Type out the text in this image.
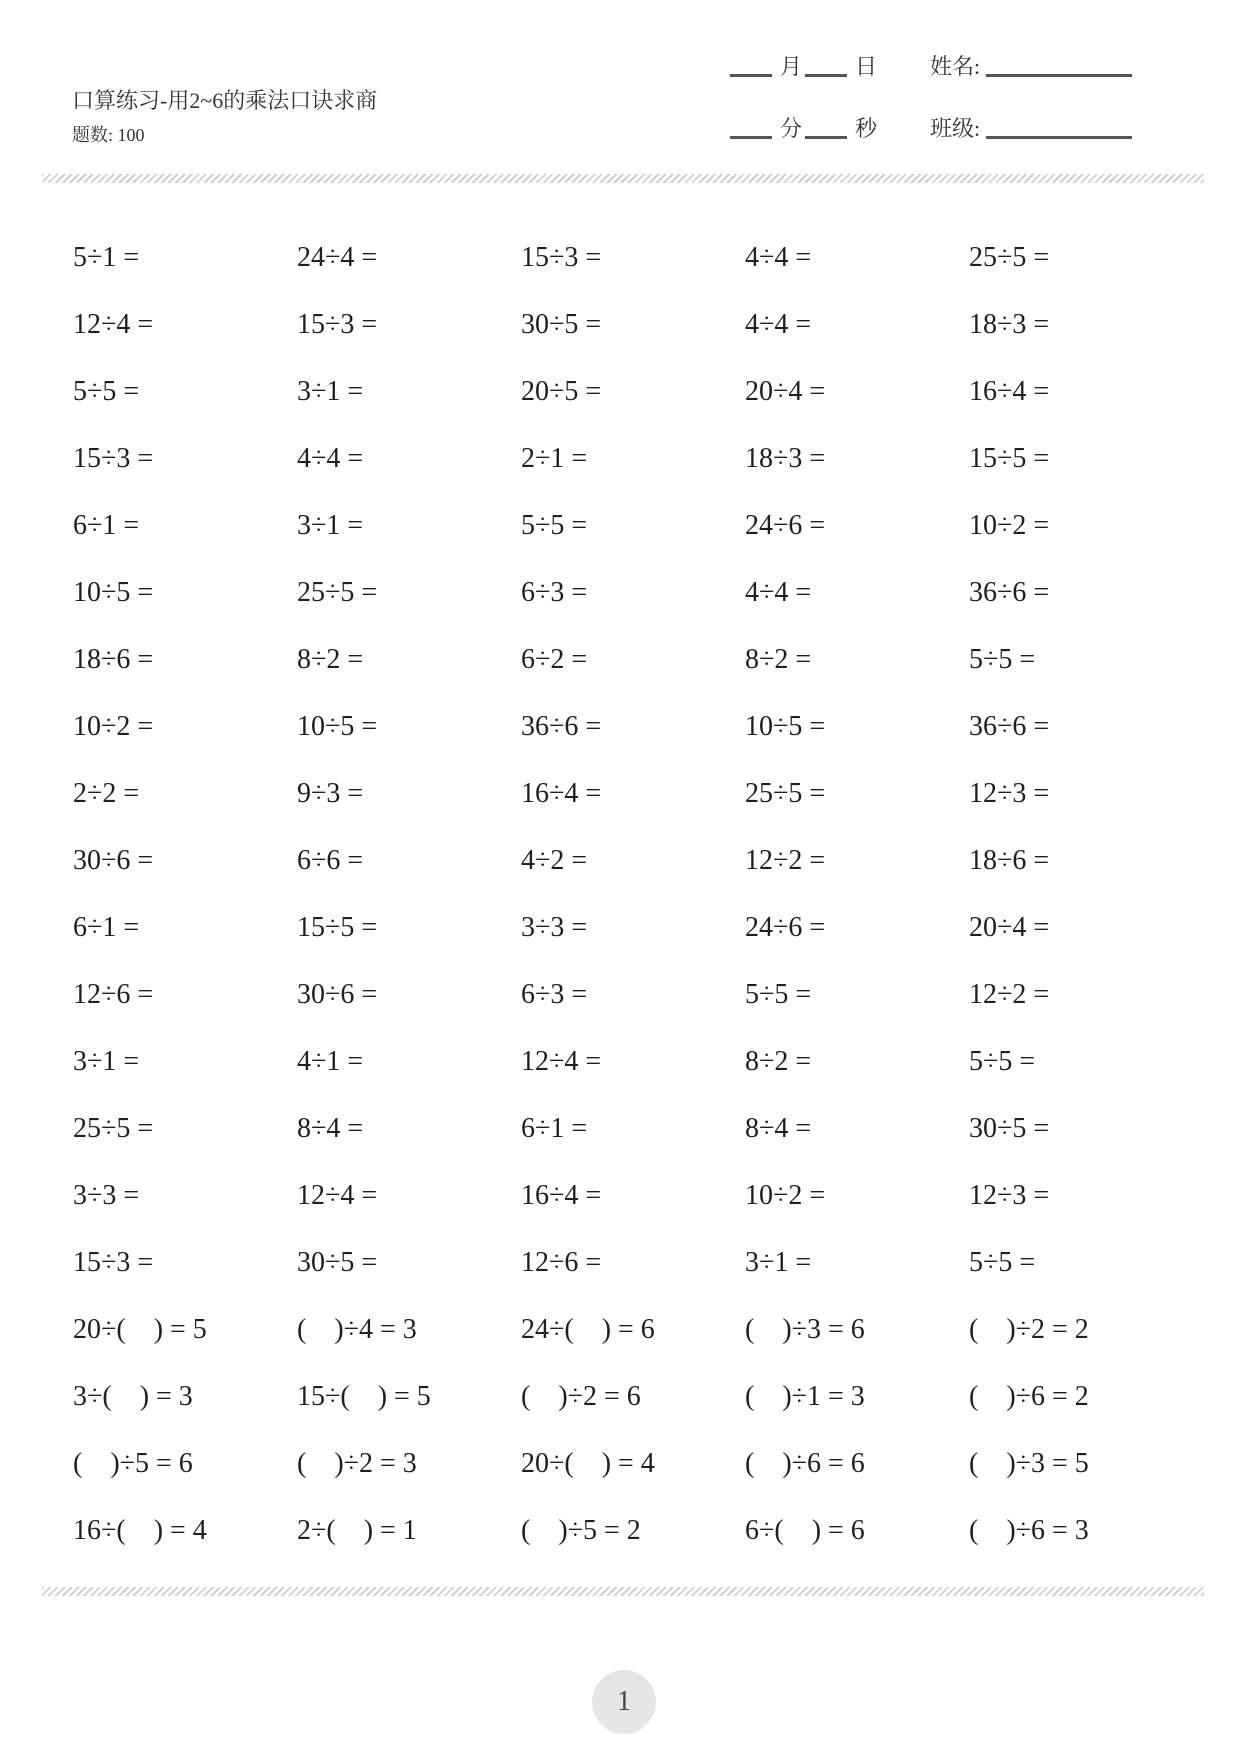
口算练习-用2~6的乘法口诀求商
题数: 100
月 日 姓名:
分 秒 班级:
5÷1 =	24÷4 =	15÷3 =	4÷4 =	25÷5 =
12÷4 =	15÷3 =	30÷5 =	4÷4 =	18÷3 =
5÷5 =	3÷1 =	20÷5 =	20÷4 =	16÷4 =
15÷3 =	4÷4 =	2÷1 =	18÷3 =	15÷5 =
6÷1 =	3÷1 =	5÷5 =	24÷6 =	10÷2 =
10÷5 =	25÷5 =	6÷3 =	4÷4 =	36÷6 =
18÷6 =	8÷2 =	6÷2 =	8÷2 =	5÷5 =
10÷2 =	10÷5 =	36÷6 =	10÷5 =	36÷6 =
2÷2 =	9÷3 =	16÷4 =	25÷5 =	12÷3 =
30÷6 =	6÷6 =	4÷2 =	12÷2 =	18÷6 =
6÷1 =	15÷5 =	3÷3 =	24÷6 =	20÷4 =
12÷6 =	30÷6 =	6÷3 =	5÷5 =	12÷2 =
3÷1 =	4÷1 =	12÷4 =	8÷2 =	5÷5 =
25÷5 =	8÷4 =	6÷1 =	8÷4 =	30÷5 =
3÷3 =	12÷4 =	16÷4 =	10÷2 =	12÷3 =
15÷3 =	30÷5 =	12÷6 =	3÷1 =	5÷5 =
20÷(    ) = 5	(    )÷4 = 3	24÷(    ) = 6	(    )÷3 = 6	(    )÷2 = 2
3÷(    ) = 3	15÷(    ) = 5	(    )÷2 = 6	(    )÷1 = 3	(    )÷6 = 2
(    )÷5 = 6	(    )÷2 = 3	20÷(    ) = 4	(    )÷6 = 6	(    )÷3 = 5
16÷(    ) = 4	2÷(    ) = 1	(    )÷5 = 2	6÷(    ) = 6	(    )÷6 = 3
1
